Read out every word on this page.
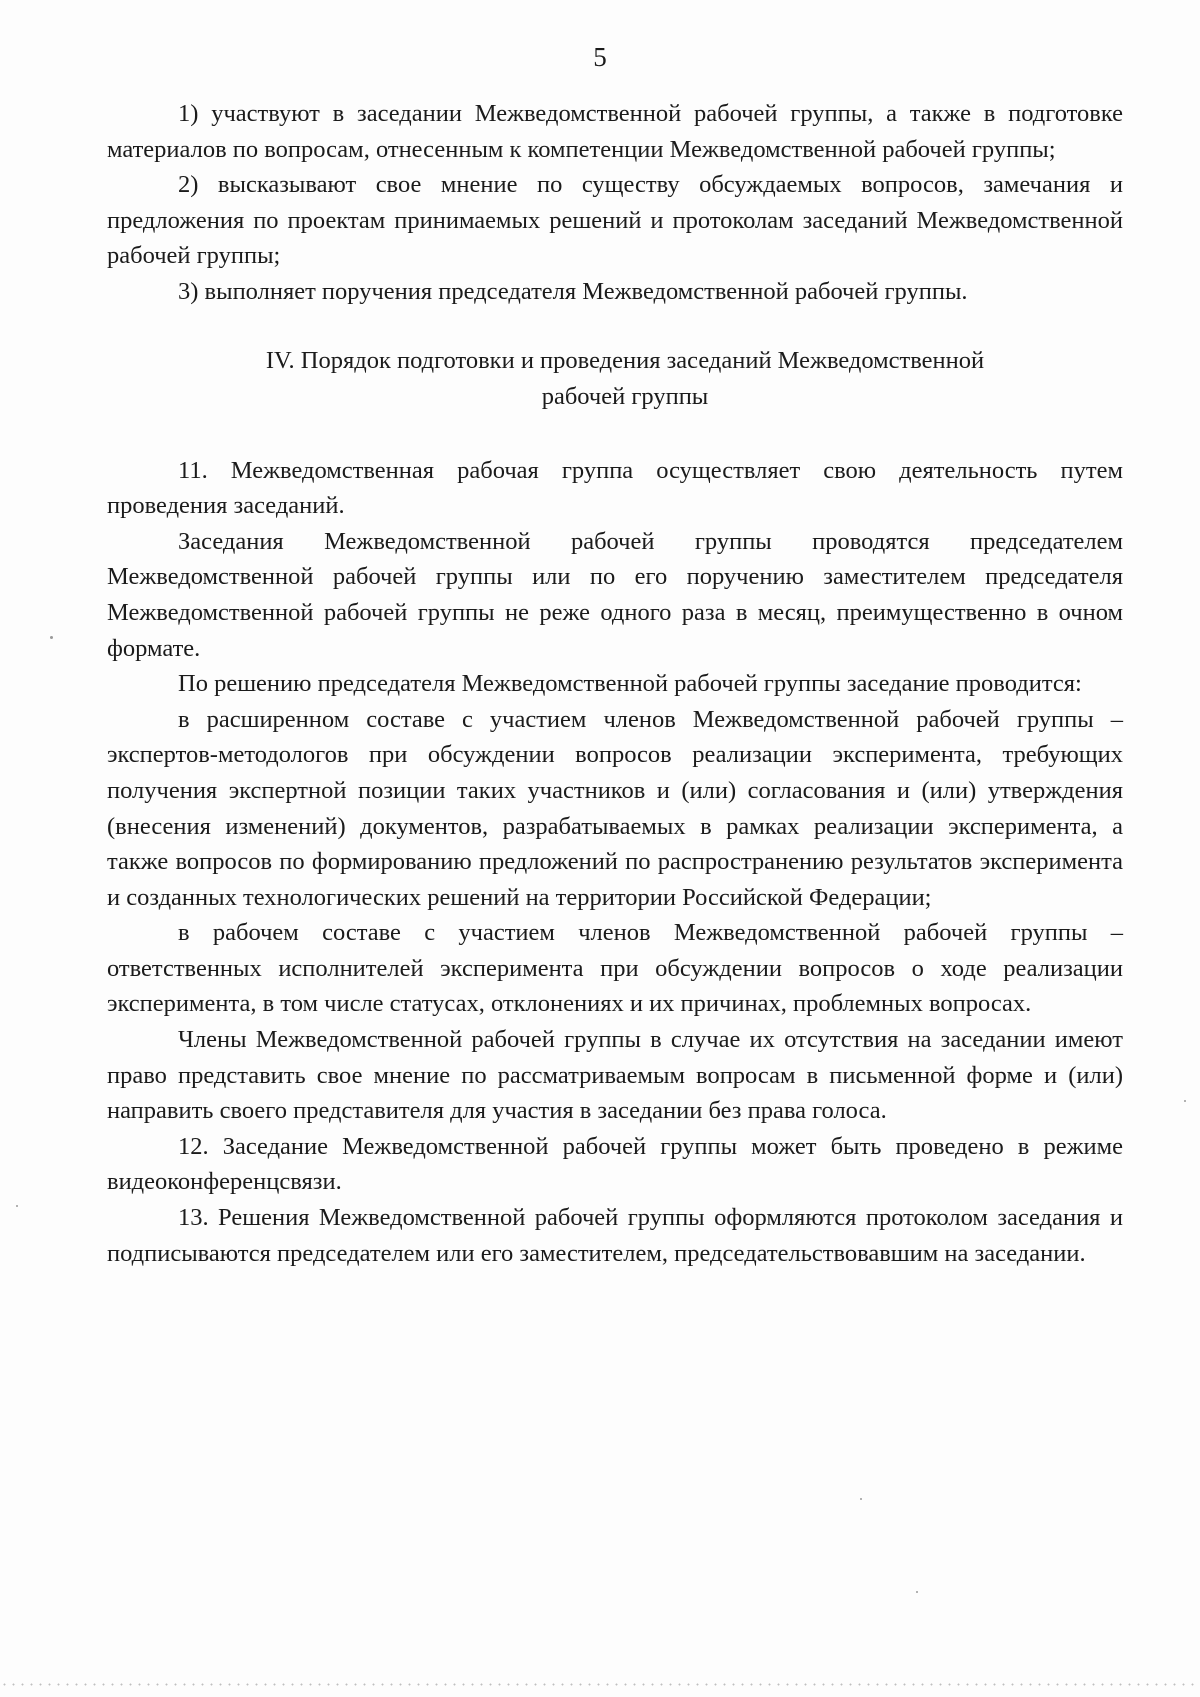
5

1) участвуют в заседании Межведомственной рабочей группы, а также в подготовке материалов по вопросам, отнесенным к компетенции Межведомственной рабочей группы;

2) высказывают свое мнение по существу обсуждаемых вопросов, замечания и предложения по проектам принимаемых решений и протоколам заседаний Межведомственной рабочей группы;

3) выполняет поручения председателя Межведомственной рабочей группы.

IV. Порядок подготовки и проведения заседаний Межведомственной
рабочей группы

11. Межведомственная рабочая группа осуществляет свою деятельность путем проведения заседаний.

Заседания Межведомственной рабочей группы проводятся председателем Межведомственной рабочей группы или по его поручению заместителем председателя Межведомственной рабочей группы не реже одного раза в месяц, преимущественно в очном формате.

По решению председателя Межведомственной рабочей группы заседание проводится:

в расширенном составе с участием членов Межведомственной рабочей группы – экспертов-методологов при обсуждении вопросов реализации эксперимента, требующих получения экспертной позиции таких участников и (или) согласования и (или) утверждения (внесения изменений) документов, разрабатываемых в рамках реализации эксперимента, а также вопросов по формированию предложений по распространению результатов эксперимента и созданных технологических решений на территории Российской Федерации;

в рабочем составе с участием членов Межведомственной рабочей группы – ответственных исполнителей эксперимента при обсуждении вопросов о ходе реализации эксперимента, в том числе статусах, отклонениях и их причинах, проблемных вопросах.

Члены Межведомственной рабочей группы в случае их отсутствия на заседании имеют право представить свое мнение по рассматриваемым вопросам в письменной форме и (или) направить своего представителя для участия в заседании без права голоса.

12. Заседание Межведомственной рабочей группы может быть проведено в режиме видеоконференцсвязи.

13. Решения Межведомственной рабочей группы оформляются протоколом заседания и подписываются председателем или его заместителем, председательствовавшим на заседании.
